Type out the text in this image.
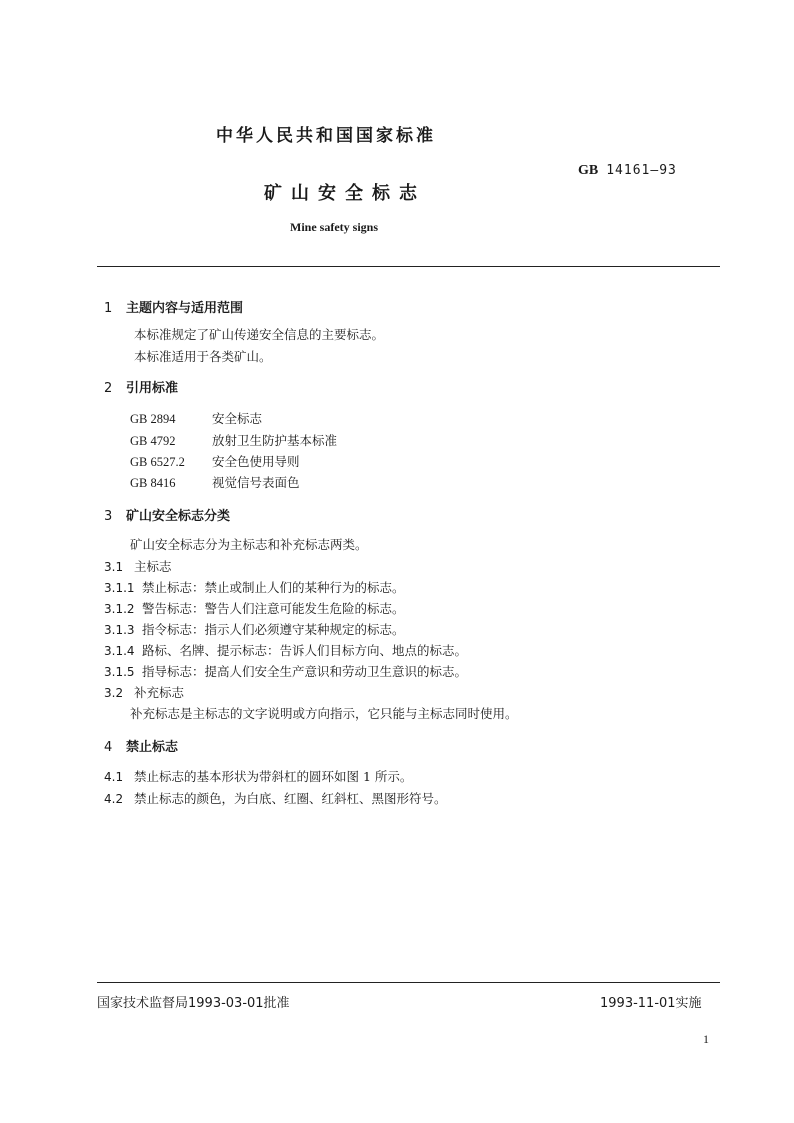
中华人民共和国国家标准
GB 14161—93
矿山安全标志
Mine safety signs
1 主题内容与适用范围
本标准规定了矿山传递安全信息的主要标志。
本标准适用于各类矿山。
2 引用标准
GB 2894	安全标志
GB 4792	放射卫生防护基本标准
GB 6527.2 安全色使用导则
GB 8416	视觉信号表面色
3 矿山安全标志分类
矿山安全标志分为主标志和补充标志两类。
3.1 主标志
3.1.1 禁止标志：禁止或制止人们的某种行为的标志。
3.1.2 警告标志：警告人们注意可能发生危险的标志。
3.1.3 指令标志：指示人们必须遵守某种规定的标志。
3.1.4 路标、名牌、提示标志：告诉人们目标方向、地点的标志。
3.1.5 指导标志：提高人们安全生产意识和劳动卫生意识的标志。
3.2 补充标志
补充标志是主标志的文字说明或方向指示，它只能与主标志同时使用。
4 禁止标志
4.1 禁止标志的基本形状为带斜杠的圆环如图 1 所示。
4.2 禁止标志的颜色，为白底、红圈、红斜杠、黑图形符号。
国家技术监督局1993-03-01批准	1993-11-01实施
1
